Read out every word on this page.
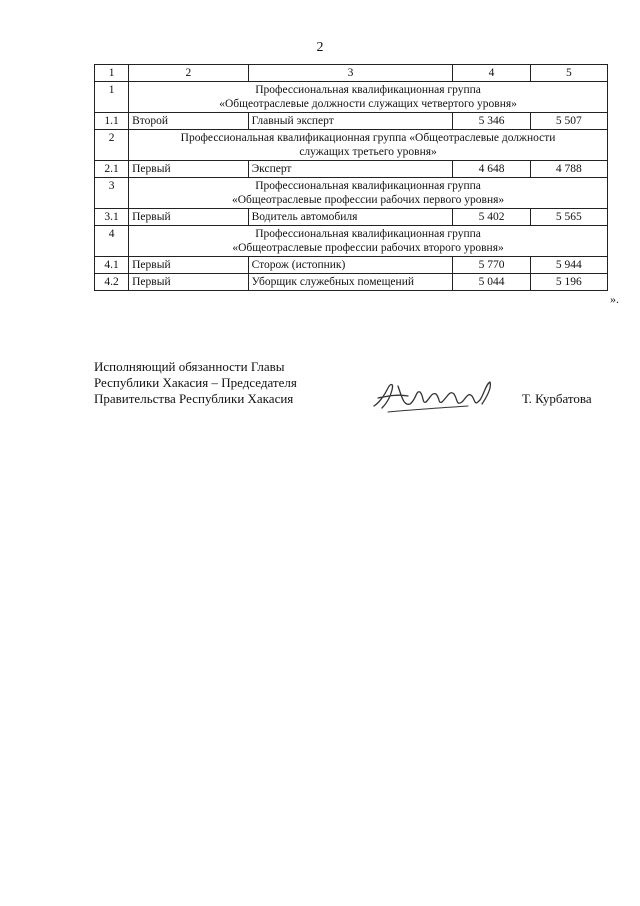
2
1	2	3	4	5
1	Профессиональная квалификационная группа
«Общеотраслевые должности служащих четвертого уровня»			

1.1	Второй	Главный эксперт	5 346	5 507
2	Профессиональная квалификационная группа «Общеотраслевые должности
служащих третьего уровня»			

2.1	Первый	Эксперт	4 648	4 788
3	Профессиональная квалификационная группа
«Общеотраслевые профессии рабочих первого уровня»			

3.1	Первый	Водитель автомобиля	5 402	5 565
4	Профессиональная квалификационная группа
«Общеотраслевые профессии рабочих второго уровня»			

4.1	Первый	Сторож (истопник)	5 770	5 944
4.2	Первый	Уборщик служебных помещений	5 044	5 196
».
Исполняющий обязанности Главы
Республики Хакасия – Председателя
Правительства Республики Хакасия	Т. Курбатова
